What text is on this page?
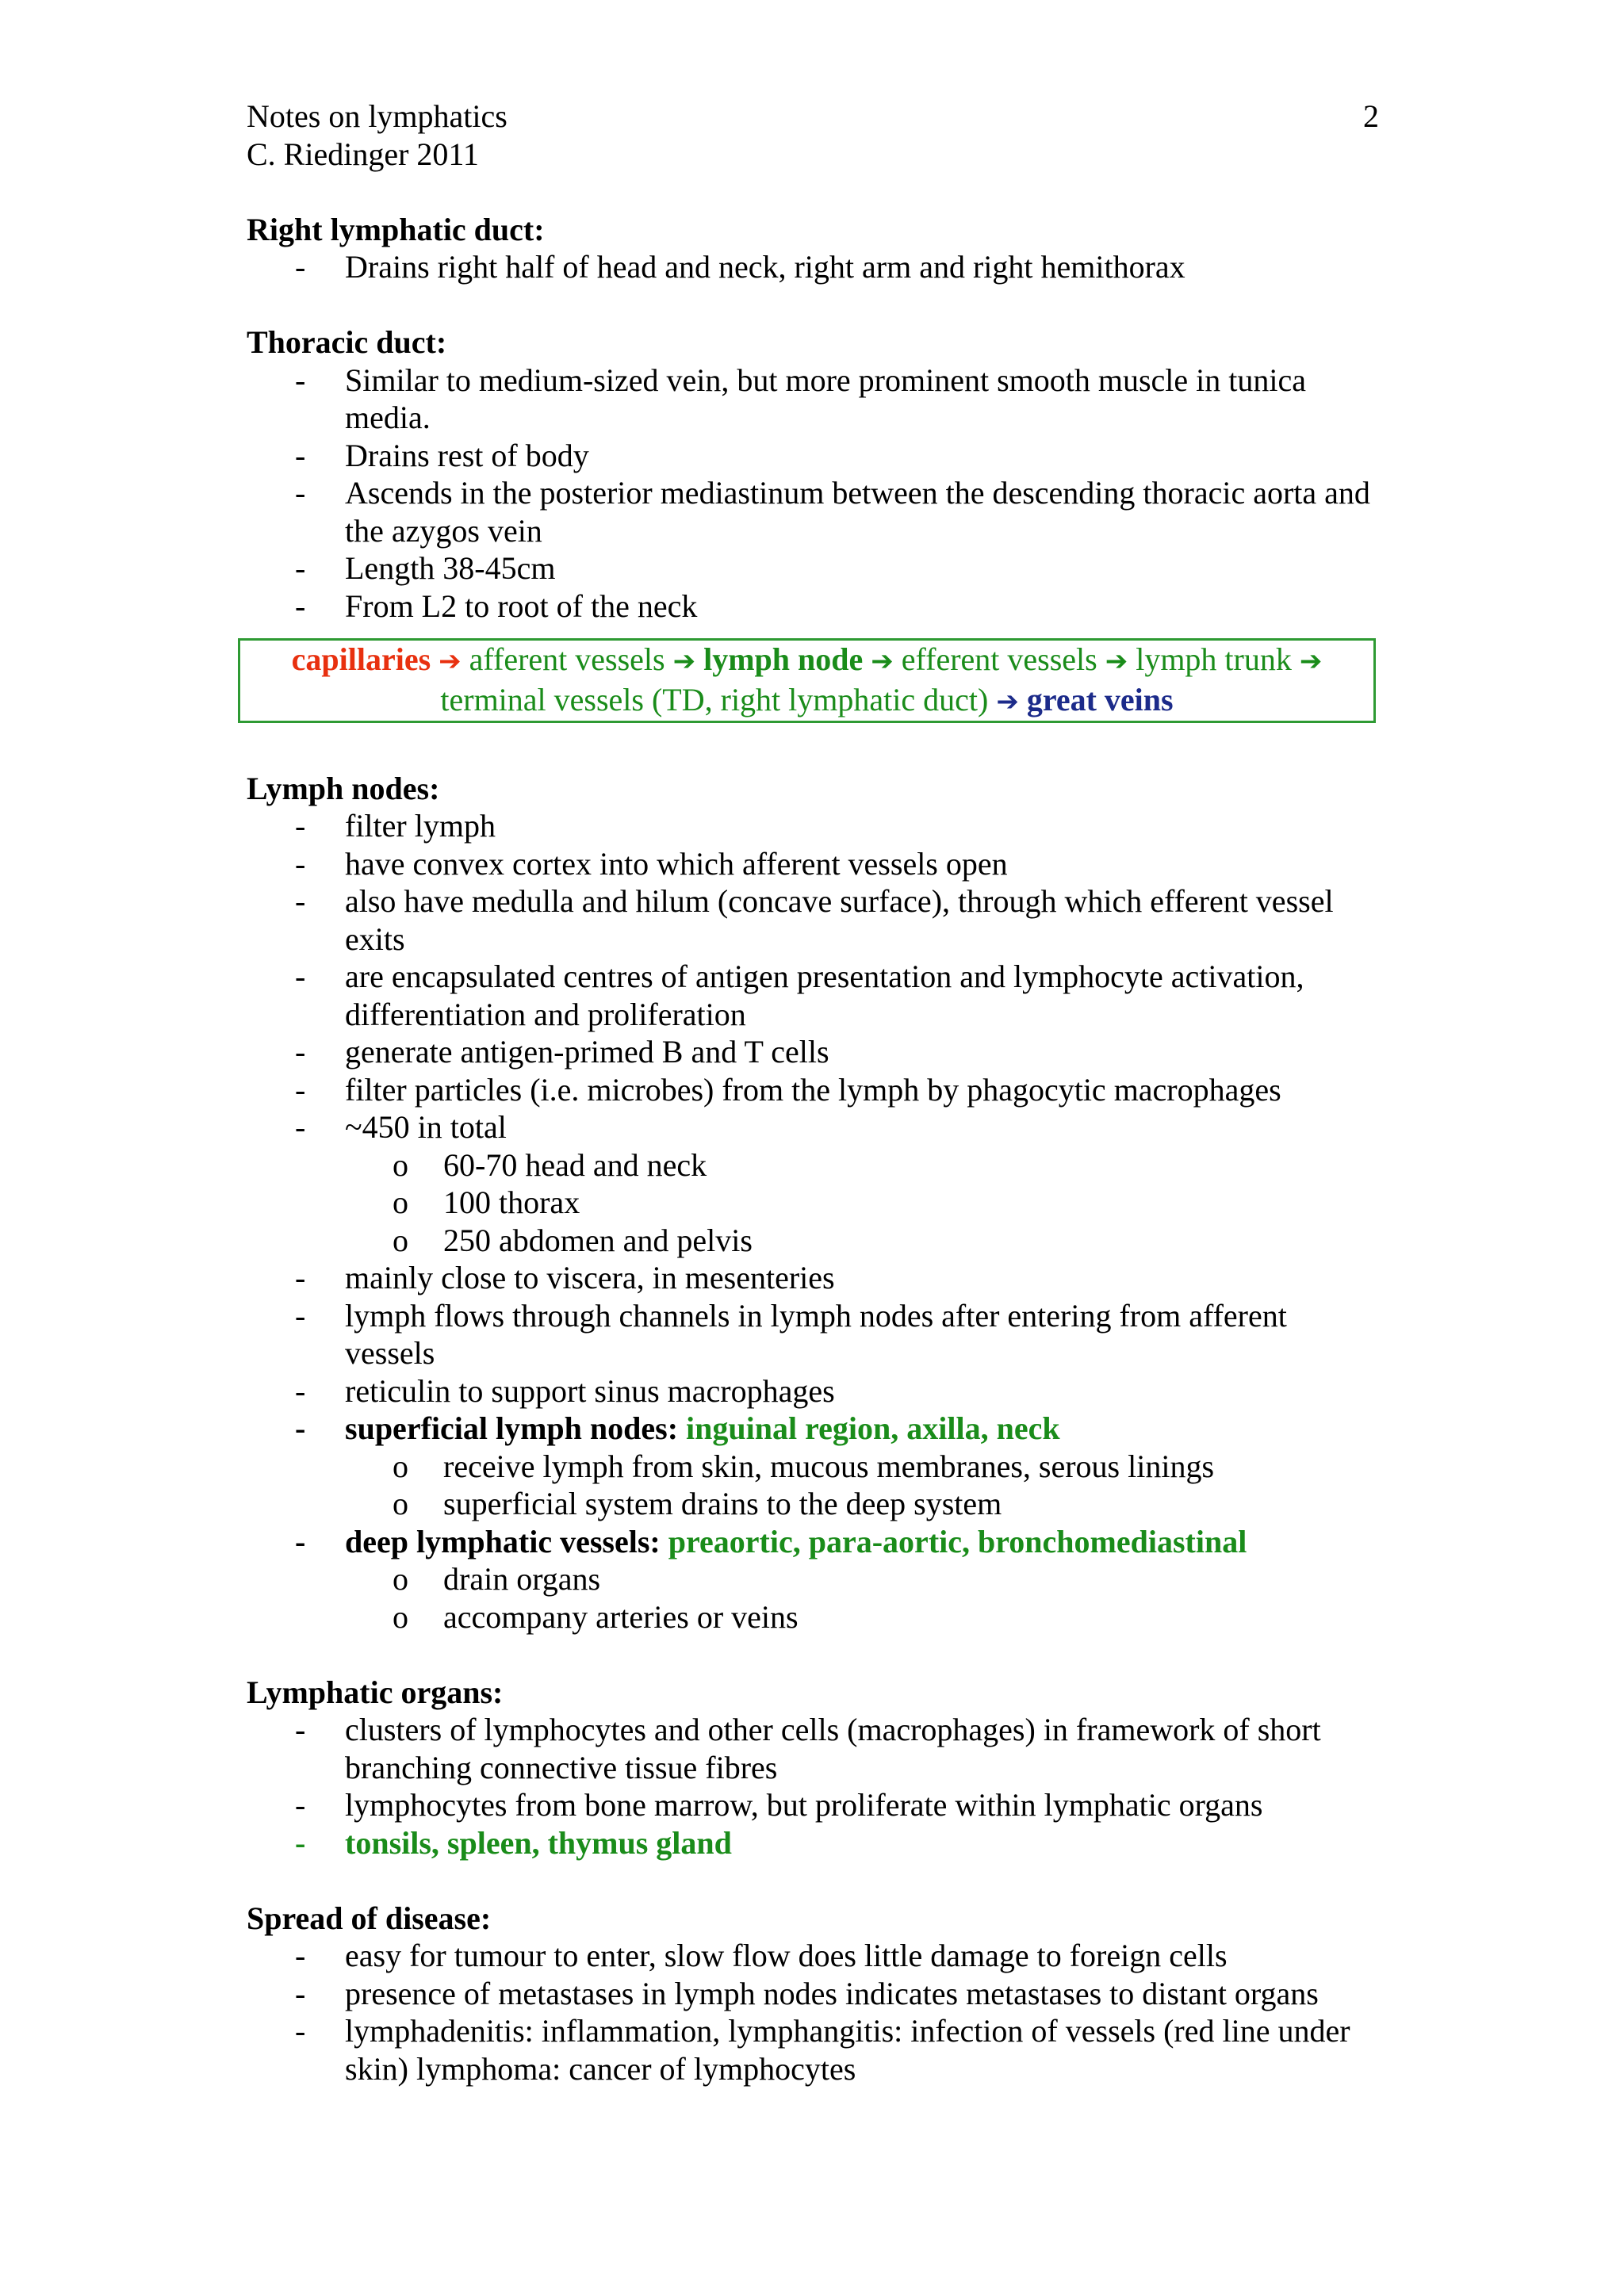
Notes on lymphatics
C. Riedinger 2011
2
Right lymphatic duct:
- Drains right half of head and neck, right arm and right hemithorax
Thoracic duct:
- Similar to medium-sized vein, but more prominent smooth muscle in tunica media.
- Drains rest of body
- Ascends in the posterior mediastinum between the descending thoracic aorta and the azygos vein
- Length 38-45cm
- From L2 to root of the neck
capillaries ➔ afferent vessels ➔ lymph node ➔ efferent vessels ➔ lymph trunk ➔
terminal vessels (TD, right lymphatic duct) ➔ great veins
Lymph nodes:
- filter lymph
- have convex cortex into which afferent vessels open
- also have medulla and hilum (concave surface), through which efferent vessel exits
- are encapsulated centres of antigen presentation and lymphocyte activation, differentiation and proliferation
- generate antigen-primed B and T cells
- filter particles (i.e. microbes) from the lymph by phagocytic macrophages
- ~450 in total
o 60-70 head and neck
o 100 thorax
o 250 abdomen and pelvis
- mainly close to viscera, in mesenteries
- lymph flows through channels in lymph nodes after entering from afferent vessels
- reticulin to support sinus macrophages
- superficial lymph nodes: inguinal region, axilla, neck
o receive lymph from skin, mucous membranes, serous linings
o superficial system drains to the deep system
- deep lymphatic vessels: preaortic, para-aortic, bronchomediastinal
o drain organs
o accompany arteries or veins
Lymphatic organs:
- clusters of lymphocytes and other cells (macrophages) in framework of short branching connective tissue fibres
- lymphocytes from bone marrow, but proliferate within lymphatic organs
- tonsils, spleen, thymus gland
Spread of disease:
- easy for tumour to enter, slow flow does little damage to foreign cells
- presence of metastases in lymph nodes indicates metastases to distant organs
- lymphadenitis: inflammation, lymphangitis: infection of vessels (red line under skin) lymphoma: cancer of lymphocytes
